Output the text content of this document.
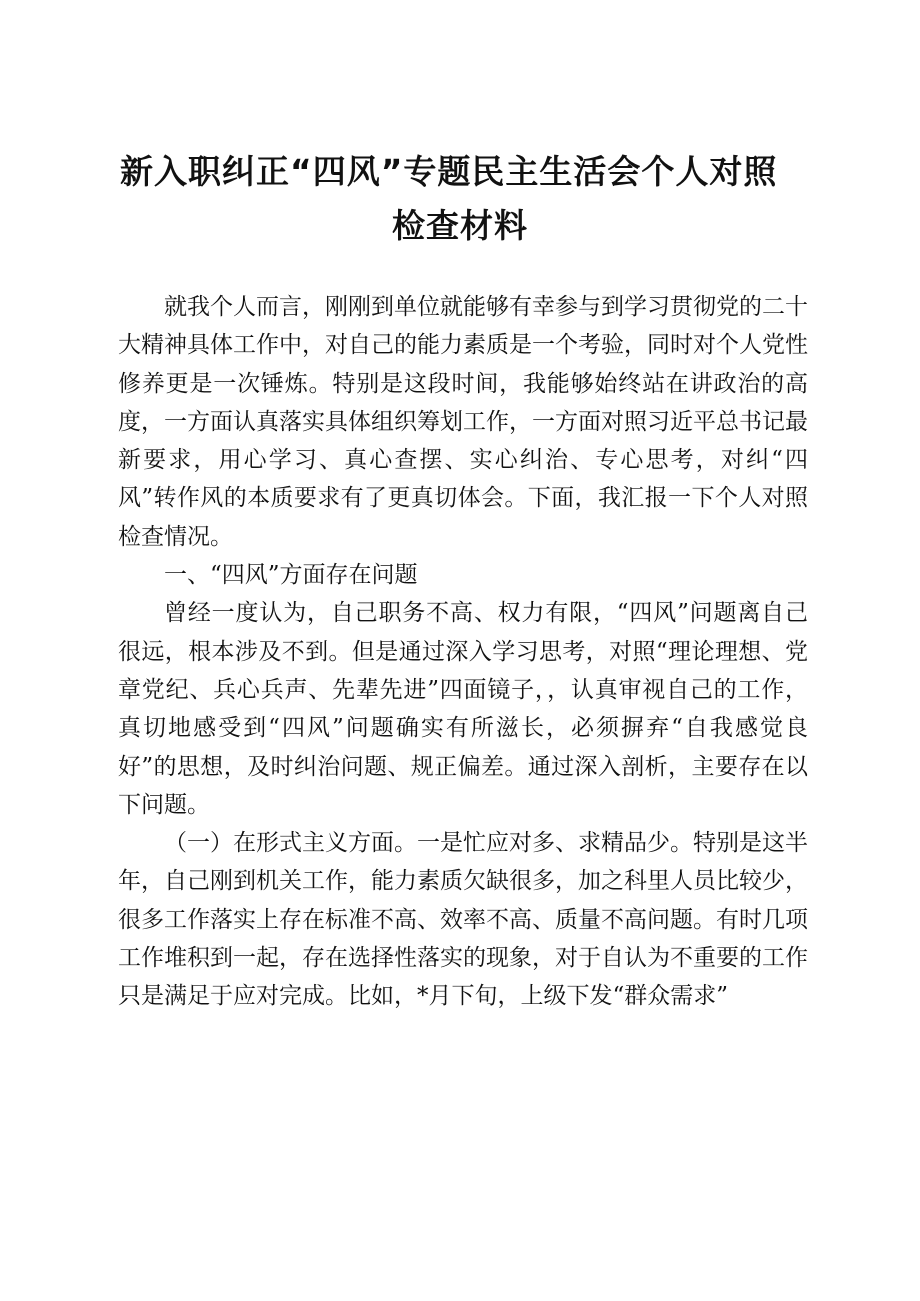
新入职纠正“四风”专题民主生活会个人对照
检查材料

就我个人而言，刚刚到单位就能够有幸参与到学习贯彻党的二十大精神具体工作中，对自己的能力素质是一个考验，同时对个人党性修养更是一次锤炼。特别是这段时间，我能够始终站在讲政治的高度，一方面认真落实具体组织筹划工作，一方面对照习近平总书记最新要求，用心学习、真心查摆、实心纠治、专心思考，对纠“四风”转作风的本质要求有了更真切体会。下面，我汇报一下个人对照检查情况。

一、“四风”方面存在问题

曾经一度认为，自己职务不高、权力有限，“四风”问题离自己很远，根本涉及不到。但是通过深入学习思考，对照“理论理想、党章党纪、兵心兵声、先辈先进”四面镜子，，认真审视自己的工作，真切地感受到“四风”问题确实有所滋长，必须摒弃“自我感觉良好”的思想，及时纠治问题、规正偏差。通过深入剖析，主要存在以下问题。

（一）在形式主义方面。一是忙应对多、求精品少。特别是这半年，自己刚到机关工作，能力素质欠缺很多，加之科里人员比较少，很多工作落实上存在标准不高、效率不高、质量不高问题。有时几项工作堆积到一起，存在选择性落实的现象，对于自认为不重要的工作只是满足于应对完成。比如，*月下旬，上级下发“群众需求”
